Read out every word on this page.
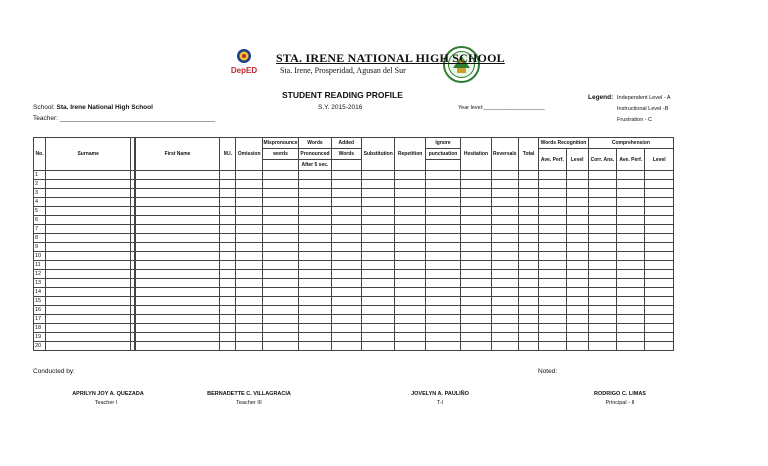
DepED
STA. IRENE NATIONAL HIGH SCHOOL
Sta. Irene, Prosperidad, Agusan del Sur
STUDENT READING PROFILE
School: Sta. Irene National High School
Teacher: ___________________________________________
S.Y. 2015-2016	Year level:____________________
Legend: Independent Level - A
Instructional Level -B
Frustration - C
No.	Surname		First Name	M.I.	Omission	Mispronounce	Words	Added	Substitution	Repetition	Ignore	Hesitation	Reversals	Total	Words Recognition		Comprehension		
						words	Pronounced	Words			punctuation				Ave. Perf.	Level	Corr. Ans.	Ave. Perf.	Level
							After 5 sec.												
1																			
2																			
3																			
4																			
5																			
6																			
7																			
8																			
9																			
10																			
11																			
12																			
13																			
14																			
15																			
16																			
17																			
18																			
19																			
20																			
Conducted by:	Noted:
APRILYN JOY A. QUEZADA
Teacher I
BERNADETTE C. VILLAGRACIA
Teacher III
JOVELYN A. PAULIÑO
T-I
RODRIGO C. LIMAS
Principal - II
